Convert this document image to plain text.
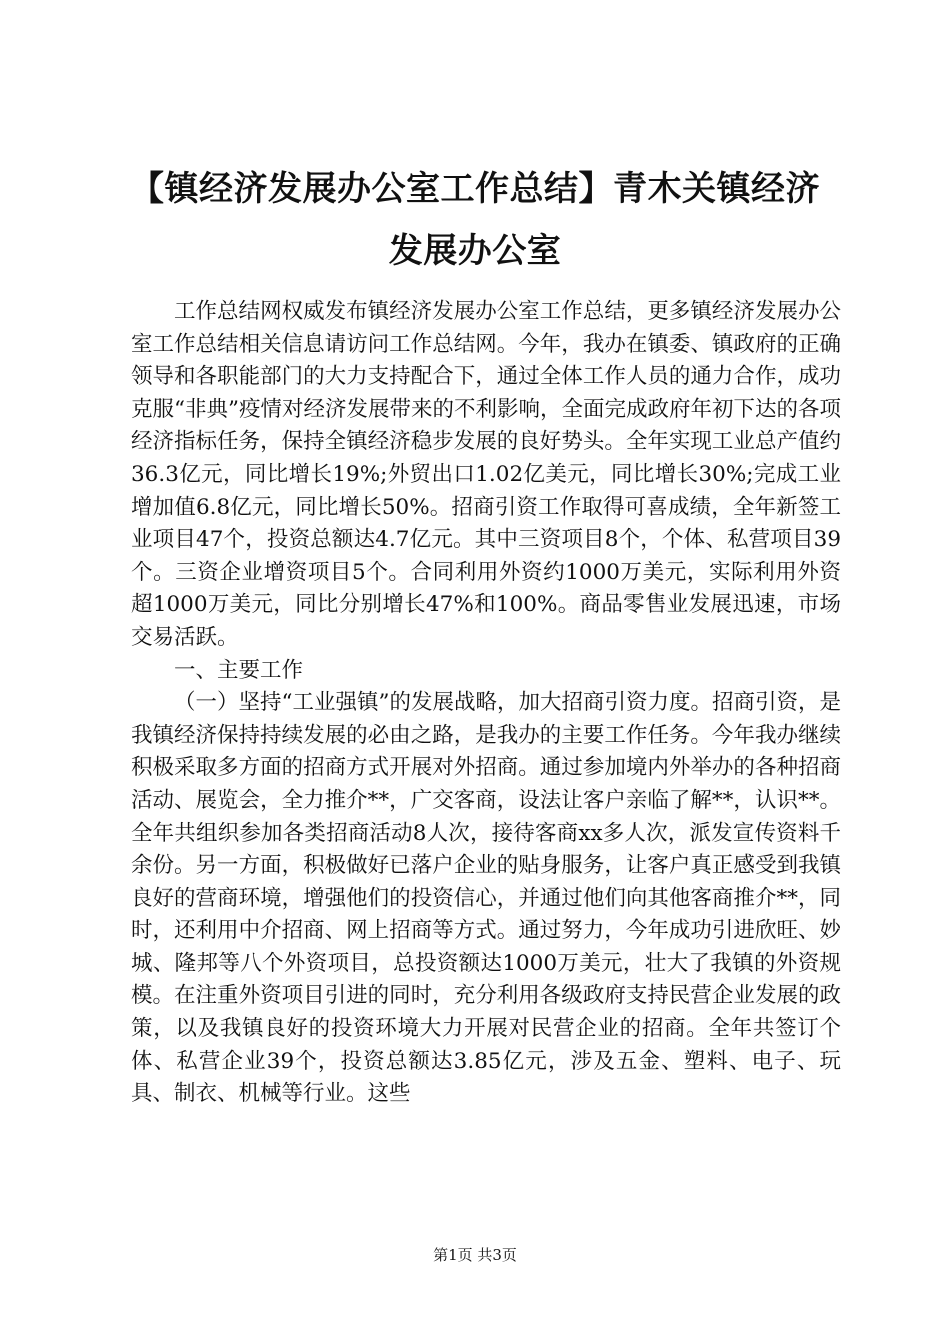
【镇经济发展办公室工作总结】青木关镇经济发展办公室

工作总结网权威发布镇经济发展办公室工作总结，更多镇经济发展办公室工作总结相关信息请访问工作总结网。今年，我办在镇委、镇政府的正确领导和各职能部门的大力支持配合下，通过全体工作人员的通力合作，成功克服“非典”疫情对经济发展带来的不利影响，全面完成政府年初下达的各项经济指标任务，保持全镇经济稳步发展的良好势头。全年实现工业总产值约36.3亿元，同比增长19%;外贸出口1.02亿美元，同比增长30%;完成工业增加值6.8亿元，同比增长50%。招商引资工作取得可喜成绩，全年新签工业项目47个，投资总额达4.7亿元。其中三资项目8个，个体、私营项目39个。三资企业增资项目5个。合同利用外资约1000万美元，实际利用外资超1000万美元，同比分别增长47%和100%。商品零售业发展迅速，市场交易活跃。

一、主要工作

（一）坚持“工业强镇”的发展战略，加大招商引资力度。招商引资，是我镇经济保持持续发展的必由之路，是我办的主要工作任务。今年我办继续积极采取多方面的招商方式开展对外招商。通过参加境内外举办的各种招商活动、展览会，全力推介**，广交客商，设法让客户亲临了解**，认识**。全年共组织参加各类招商活动8人次，接待客商xx多人次，派发宣传资料千余份。另一方面，积极做好已落户企业的贴身服务，让客户真正感受到我镇良好的营商环境，增强他们的投资信心，并通过他们向其他客商推介**，同时，还利用中介招商、网上招商等方式。通过努力，今年成功引进欣旺、妙城、隆邦等八个外资项目，总投资额达1000万美元，壮大了我镇的外资规模。在注重外资项目引进的同时，充分利用各级政府支持民营企业发展的政策，以及我镇良好的投资环境大力开展对民营企业的招商。全年共签订个体、私营企业39个，投资总额达3.85亿元，涉及五金、塑料、电子、玩具、制衣、机械等行业。这些

第1页 共3页
